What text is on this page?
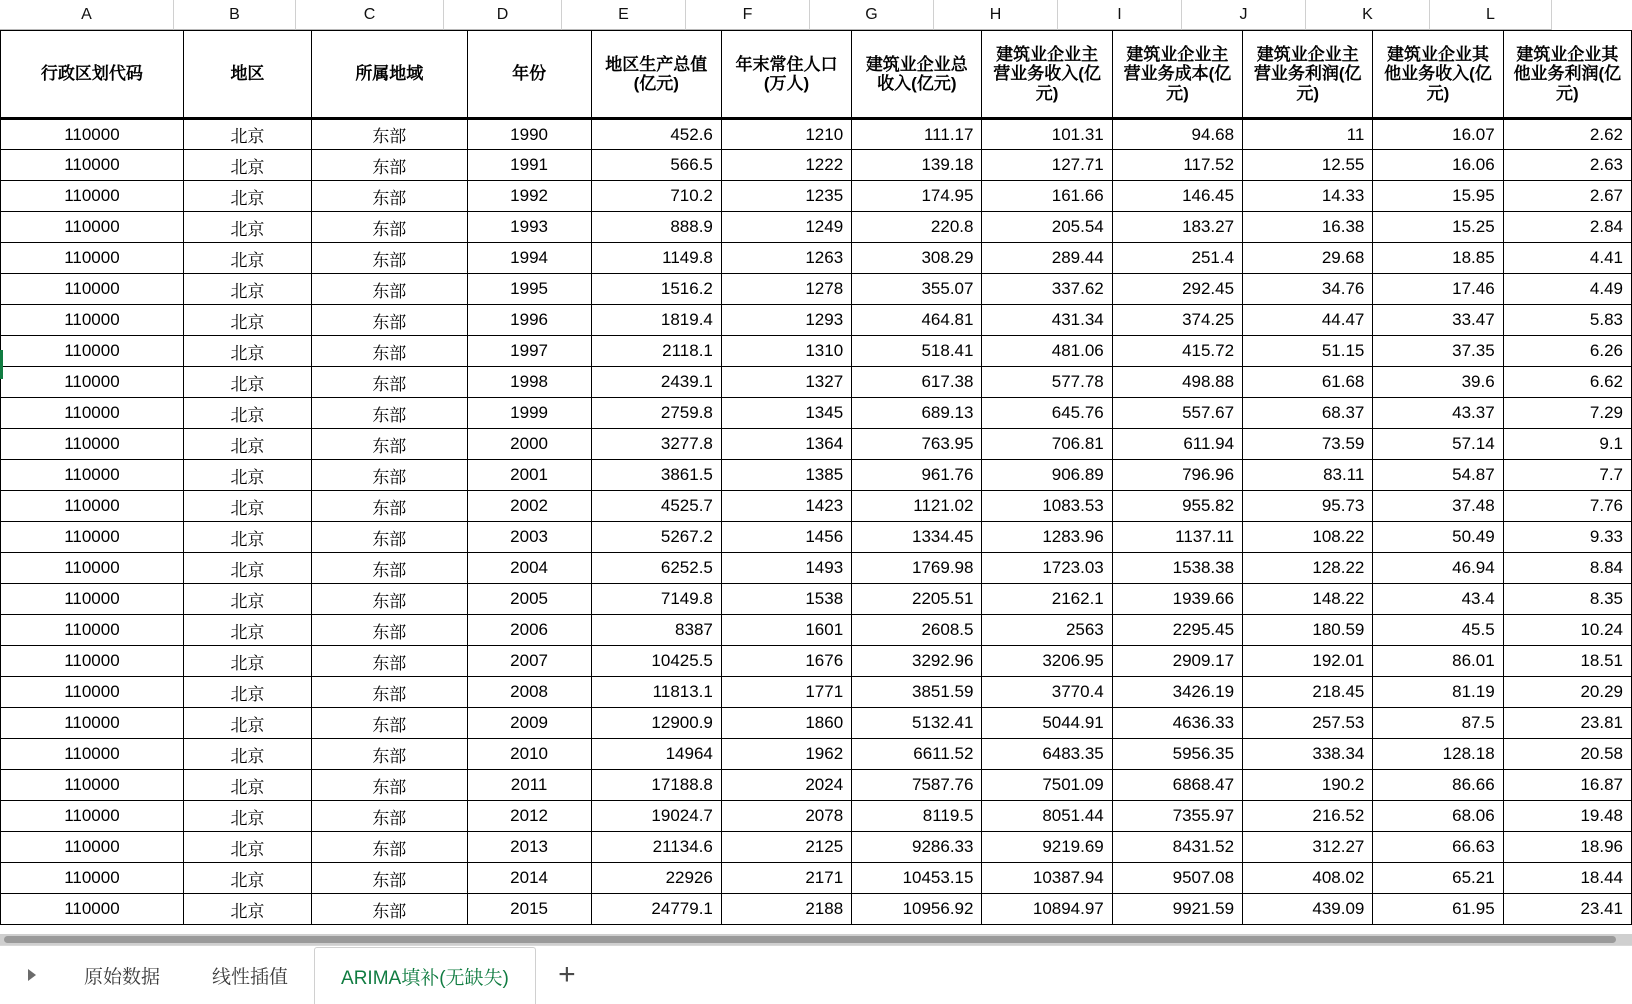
A	B	C	D	E	F	G	H	I	J	K	L
行政区划代码	地区	所属地域	年份	地区生产总值(亿元)	年末常住人口(万人)	建筑业企业总收入(亿元)	建筑业企业主营业务收入(亿元)	建筑业企业主营业务成本(亿元)	建筑业企业主营业务利润(亿元)	建筑业企业其他业务收入(亿元)	建筑业企业其他业务利润(亿元)
110000	北京	东部	1990	452.6	1210	111.17	101.31	94.68	11	16.07	2.62
110000	北京	东部	1991	566.5	1222	139.18	127.71	117.52	12.55	16.06	2.63
110000	北京	东部	1992	710.2	1235	174.95	161.66	146.45	14.33	15.95	2.67
110000	北京	东部	1993	888.9	1249	220.8	205.54	183.27	16.38	15.25	2.84
110000	北京	东部	1994	1149.8	1263	308.29	289.44	251.4	29.68	18.85	4.41
110000	北京	东部	1995	1516.2	1278	355.07	337.62	292.45	34.76	17.46	4.49
110000	北京	东部	1996	1819.4	1293	464.81	431.34	374.25	44.47	33.47	5.83
110000	北京	东部	1997	2118.1	1310	518.41	481.06	415.72	51.15	37.35	6.26
110000	北京	东部	1998	2439.1	1327	617.38	577.78	498.88	61.68	39.6	6.62
110000	北京	东部	1999	2759.8	1345	689.13	645.76	557.67	68.37	43.37	7.29
110000	北京	东部	2000	3277.8	1364	763.95	706.81	611.94	73.59	57.14	9.1
110000	北京	东部	2001	3861.5	1385	961.76	906.89	796.96	83.11	54.87	7.7
110000	北京	东部	2002	4525.7	1423	1121.02	1083.53	955.82	95.73	37.48	7.76
110000	北京	东部	2003	5267.2	1456	1334.45	1283.96	1137.11	108.22	50.49	9.33
110000	北京	东部	2004	6252.5	1493	1769.98	1723.03	1538.38	128.22	46.94	8.84
110000	北京	东部	2005	7149.8	1538	2205.51	2162.1	1939.66	148.22	43.4	8.35
110000	北京	东部	2006	8387	1601	2608.5	2563	2295.45	180.59	45.5	10.24
110000	北京	东部	2007	10425.5	1676	3292.96	3206.95	2909.17	192.01	86.01	18.51
110000	北京	东部	2008	11813.1	1771	3851.59	3770.4	3426.19	218.45	81.19	20.29
110000	北京	东部	2009	12900.9	1860	5132.41	5044.91	4636.33	257.53	87.5	23.81
110000	北京	东部	2010	14964	1962	6611.52	6483.35	5956.35	338.34	128.18	20.58
110000	北京	东部	2011	17188.8	2024	7587.76	7501.09	6868.47	190.2	86.66	16.87
110000	北京	东部	2012	19024.7	2078	8119.5	8051.44	7355.97	216.52	68.06	19.48
110000	北京	东部	2013	21134.6	2125	9286.33	9219.69	8431.52	312.27	66.63	18.96
110000	北京	东部	2014	22926	2171	10453.15	10387.94	9507.08	408.02	65.21	18.44
110000	北京	东部	2015	24779.1	2188	10956.92	10894.97	9921.59	439.09	61.95	23.41
原始数据	线性插值	ARIMA填补(无缺失)	+
